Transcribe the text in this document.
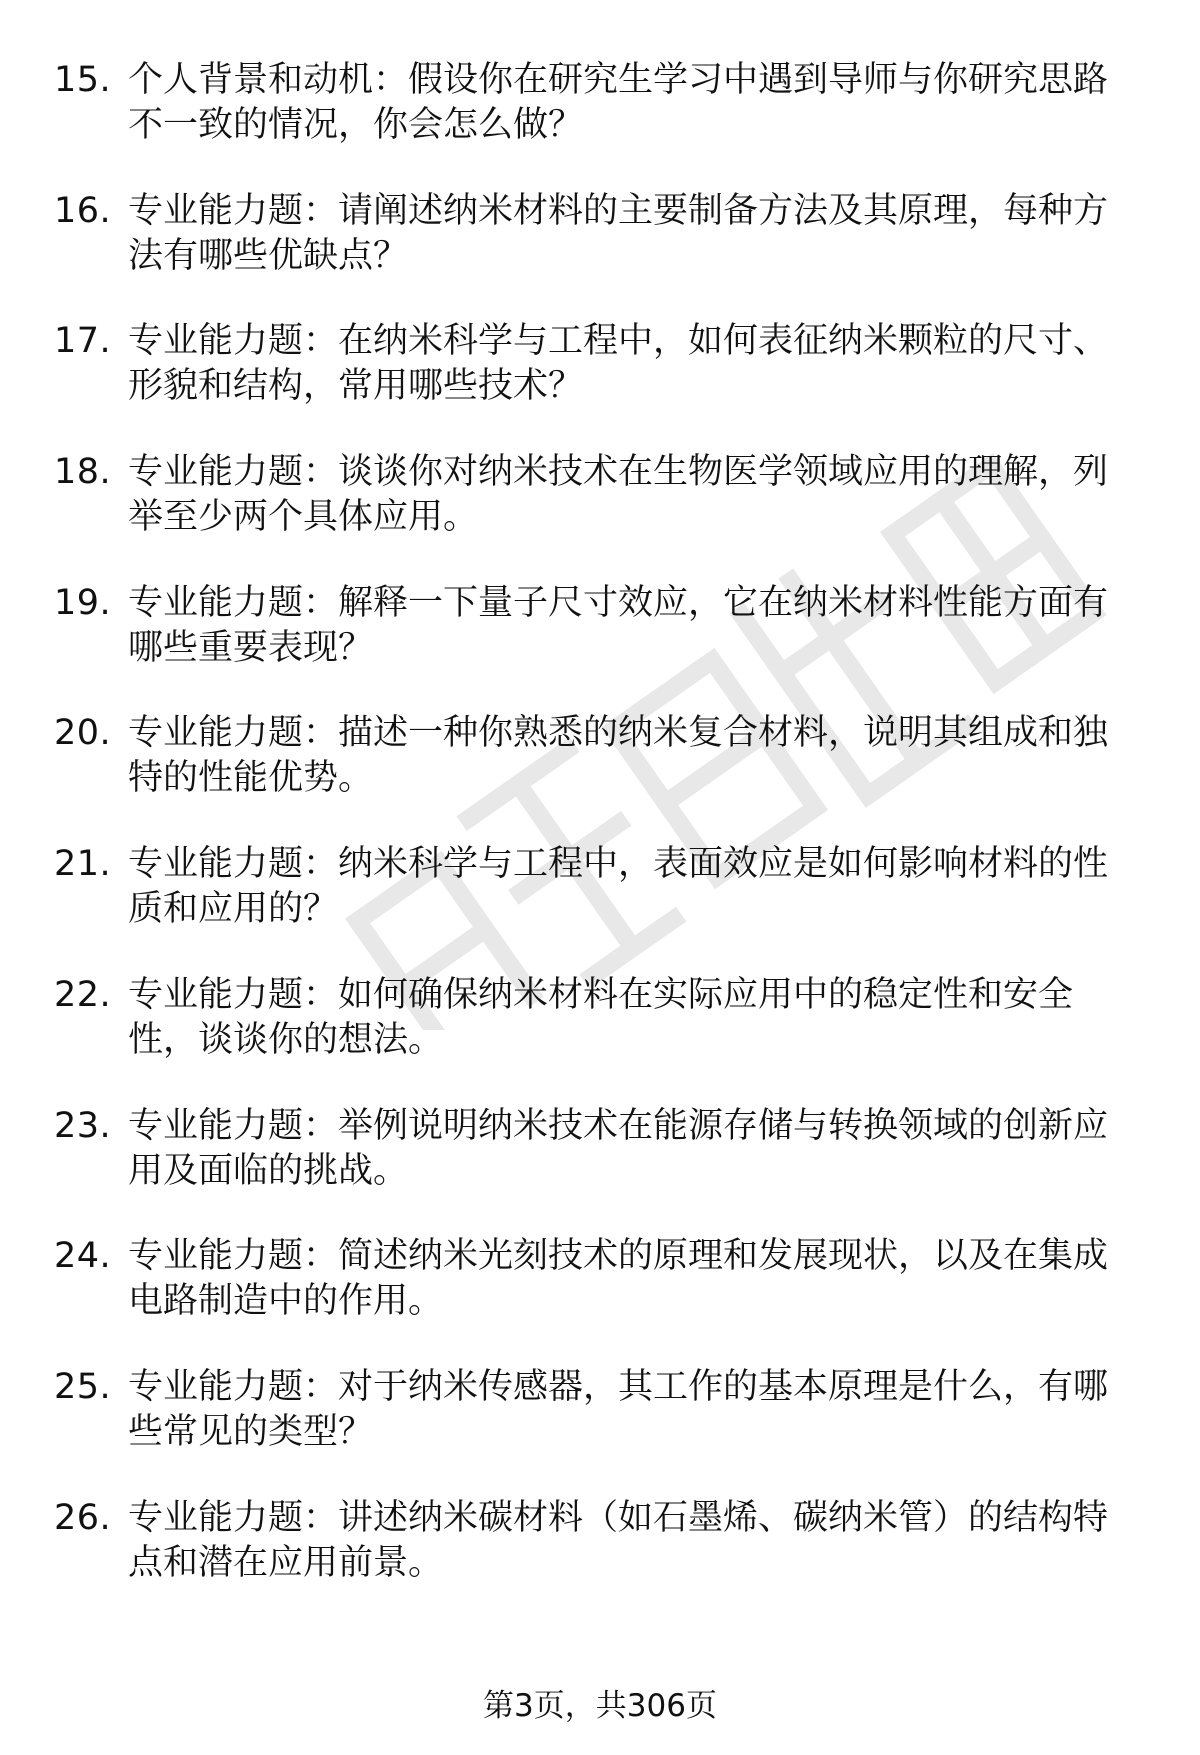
15. 个人背景和动机：假设你在研究生学习中遇到导师与你研究思路
不一致的情况，你会怎么做？
16. 专业能力题：请阐述纳米材料的主要制备方法及其原理，每种方
法有哪些优缺点？
17. 专业能力题：在纳米科学与工程中，如何表征纳米颗粒的尺寸、
形貌和结构，常用哪些技术？
18. 专业能力题：谈谈你对纳米技术在生物医学领域应用的理解，列
举至少两个具体应用。
19. 专业能力题：解释一下量子尺寸效应，它在纳米材料性能方面有
哪些重要表现？
20. 专业能力题：描述一种你熟悉的纳米复合材料，说明其组成和独
特的性能优势。
21. 专业能力题：纳米科学与工程中，表面效应是如何影响材料的性
质和应用的？
22. 专业能力题：如何确保纳米材料在实际应用中的稳定性和安全
性，谈谈你的想法。
23. 专业能力题：举例说明纳米技术在能源存储与转换领域的创新应
用及面临的挑战。
24. 专业能力题：简述纳米光刻技术的原理和发展现状，以及在集成
电路制造中的作用。
25. 专业能力题：对于纳米传感器，其工作的基本原理是什么，有哪
些常见的类型？
26. 专业能力题：讲述纳米碳材料（如石墨烯、碳纳米管）的结构特
点和潜在应用前景。
第3页，共306页
